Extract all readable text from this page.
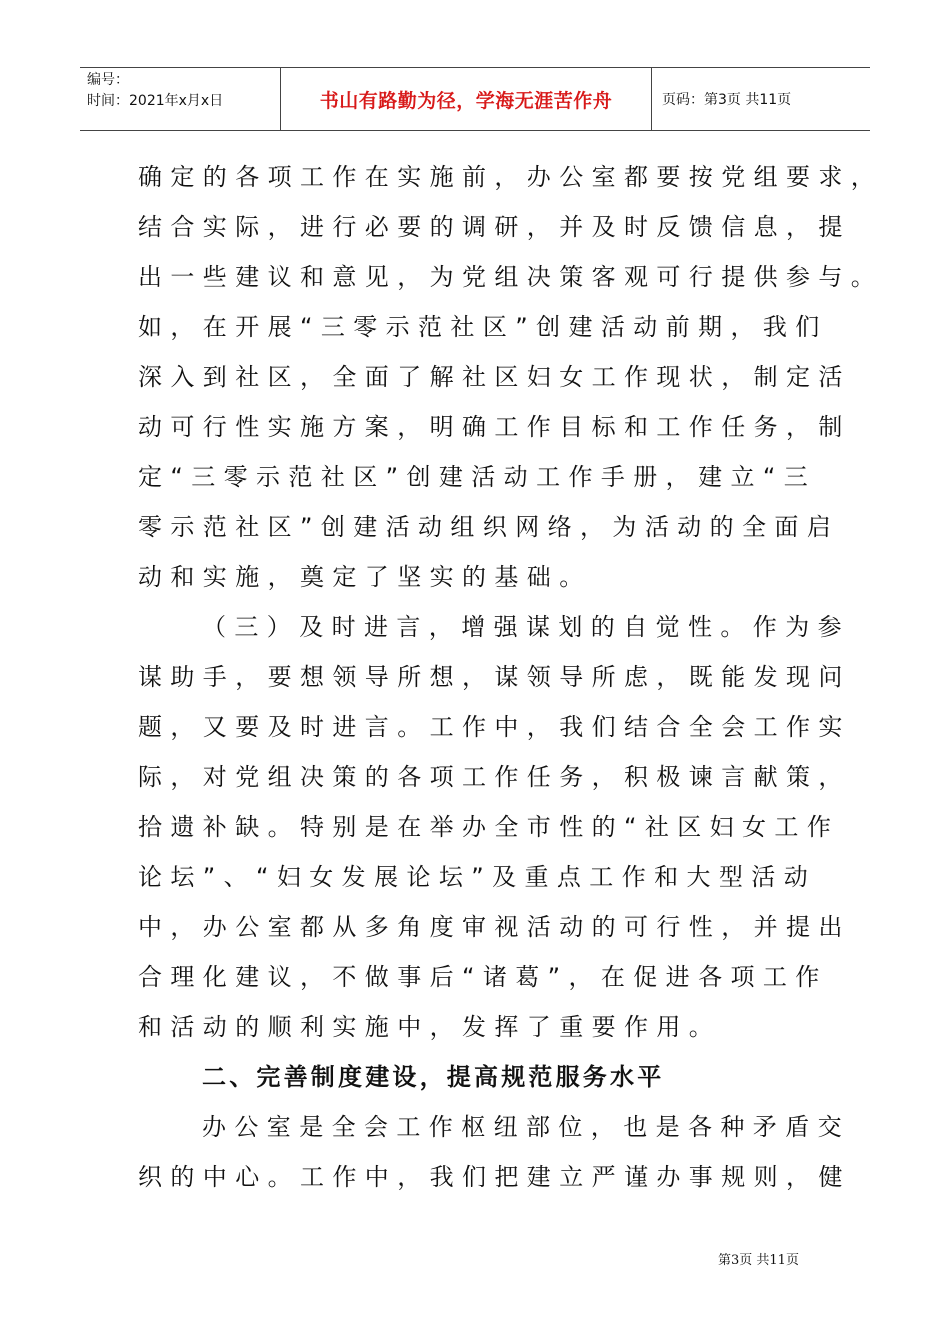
编号：
时间：2021年x月x日	书山有路勤为径，学海无涯苦作舟	页码：第3页 共11页
确定的各项工作在实施前，办公室都要按党组要求，
结合实际，进行必要的调研，并及时反馈信息，提
出一些建议和意见，为党组决策客观可行提供参与。
如，在开展“三零示范社区”创建活动前期，我们
深入到社区，全面了解社区妇女工作现状，制定活
动可行性实施方案，明确工作目标和工作任务，制
定“三零示范社区”创建活动工作手册，建立“三
零示范社区”创建活动组织网络，为活动的全面启
动和实施，奠定了坚实的基础。
（三）及时进言，增强谋划的自觉性。作为参
谋助手，要想领导所想，谋领导所虑，既能发现问
题，又要及时进言。工作中，我们结合全会工作实
际，对党组决策的各项工作任务，积极谏言献策，
拾遗补缺。特别是在举办全市性的“社区妇女工作
论坛”、“妇女发展论坛”及重点工作和大型活动
中，办公室都从多角度审视活动的可行性，并提出
合理化建议，不做事后“诸葛”，在促进各项工作
和活动的顺利实施中，发挥了重要作用。
二、完善制度建设，提高规范服务水平
办公室是全会工作枢纽部位，也是各种矛盾交
织的中心。工作中，我们把建立严谨办事规则，健
第3页 共11页
